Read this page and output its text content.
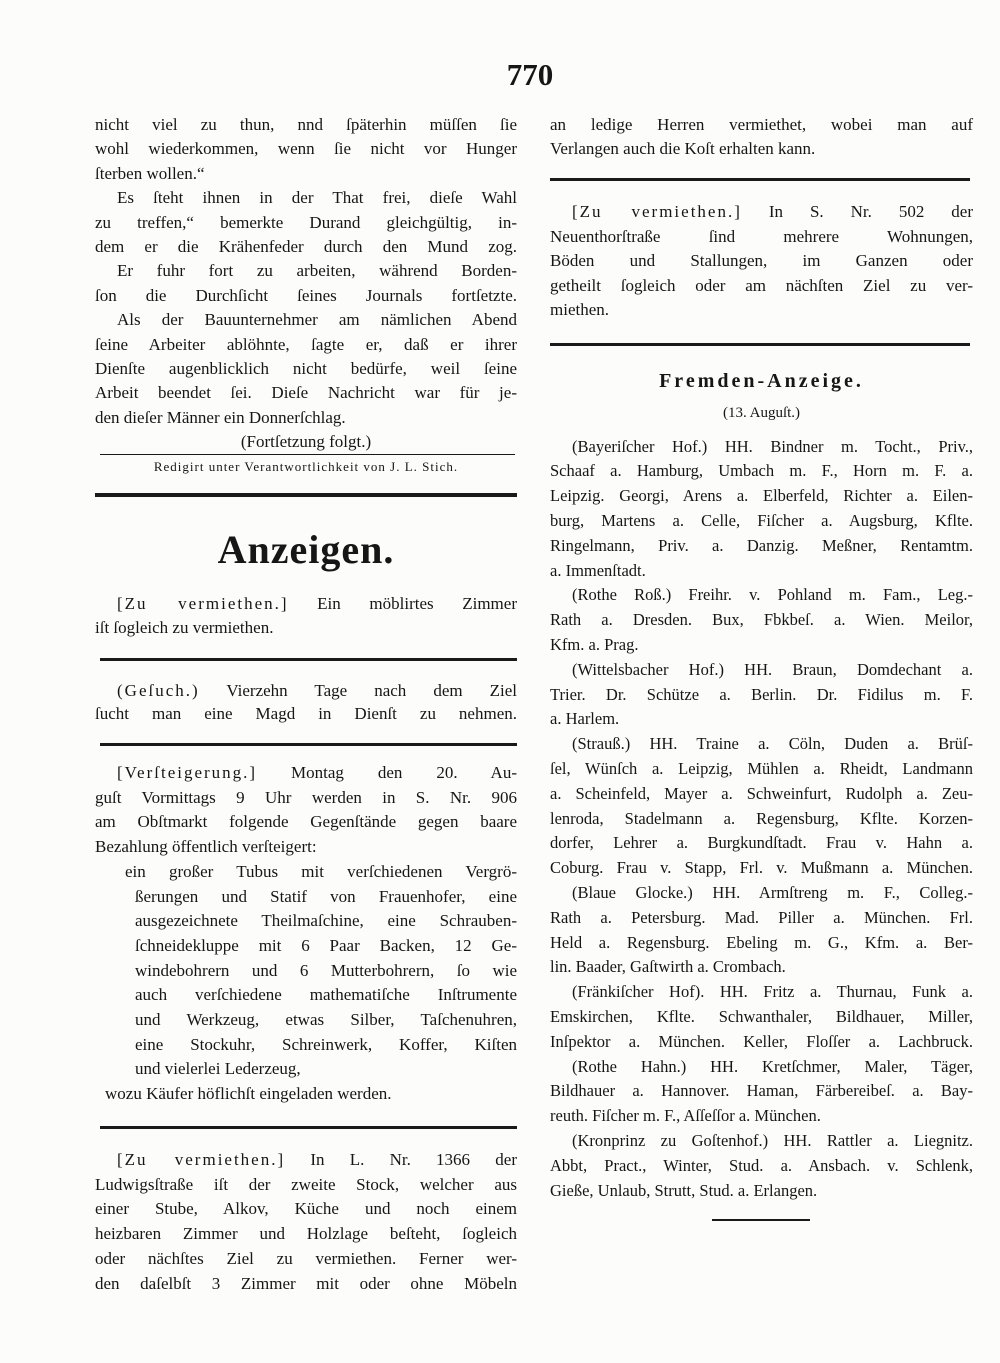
770
nicht viel zu thun, nnd ſpäterhin müſſen ſie
wohl wiederkommen, wenn ſie nicht vor Hunger
ſterben wollen.“
Es ſteht ihnen in der That frei, dieſe Wahl
zu treffen,“ bemerkte Durand gleichgültig, in-
dem er die Krähenfeder durch den Mund zog.
Er fuhr fort zu arbeiten, während Borden-
ſon die Durchſicht ſeines Journals fortſetzte.
Als der Bauunternehmer am nämlichen Abend
ſeine Arbeiter ablöhnte, ſagte er, daß er ihrer
Dienſte augenblicklich nicht bedürfe, weil ſeine
Arbeit beendet ſei. Dieſe Nachricht war für je-
den dieſer Männer ein Donnerſchlag.
(Fortſetzung folgt.)
Redigirt unter Verantwortlichkeit von J. L. Stich.
Anzeigen.
[Zu vermiethen.] Ein möblirtes Zimmer
iſt ſogleich zu vermiethen.
(Geſuch.) Vierzehn Tage nach dem Ziel
ſucht man eine Magd in Dienſt zu nehmen.
[Verſteigerung.] Montag den 20. Au-
guſt Vormittags 9 Uhr werden in S. Nr. 906
am Obſtmarkt folgende Gegenſtände gegen baare
Bezahlung öffentlich verſteigert:
ein großer Tubus mit verſchiedenen Vergrö-
ßerungen und Statif von Frauenhofer, eine
ausgezeichnete Theilmaſchine, eine Schrauben-
ſchneidekluppe mit 6 Paar Backen, 12 Ge-
windebohrern und 6 Mutterbohrern, ſo wie
auch verſchiedene mathematiſche Inſtrumente
und Werkzeug, etwas Silber, Taſchenuhren,
eine Stockuhr, Schreinwerk, Koffer, Kiſten
und vielerlei Lederzeug,
wozu Käufer höflichſt eingeladen werden.
[Zu vermiethen.] In L. Nr. 1366 der
Ludwigsſtraße iſt der zweite Stock, welcher aus
einer Stube, Alkov, Küche und noch einem
heizbaren Zimmer und Holzlage beſteht, ſogleich
oder nächſtes Ziel zu vermiethen. Ferner wer-
den daſelbſt 3 Zimmer mit oder ohne Möbeln
an ledige Herren vermiethet, wobei man auf
Verlangen auch die Koſt erhalten kann.
[Zu vermiethen.] In S. Nr. 502 der
Neuenthorſtraße ſind mehrere Wohnungen,
Böden und Stallungen, im Ganzen oder
getheilt ſogleich oder am nächſten Ziel zu ver-
miethen.
Fremden-Anzeige.
(13. Auguſt.)
(Bayeriſcher Hof.) HH. Bindner m. Tocht., Priv.,
Schaaf a. Hamburg, Umbach m. F., Horn m. F. a.
Leipzig. Georgi, Arens a. Elberfeld, Richter a. Eilen-
burg, Martens a. Celle, Fiſcher a. Augsburg, Kflte.
Ringelmann, Priv. a. Danzig. Meßner, Rentamtm.
a. Immenſtadt.
(Rothe Roß.) Freihr. v. Pohland m. Fam., Leg.-
Rath a. Dresden. Bux, Fbkbeſ. a. Wien. Meilor,
Kfm. a. Prag.
(Wittelsbacher Hof.) HH. Braun, Domdechant a.
Trier. Dr. Schütze a. Berlin. Dr. Fidilus m. F.
a. Harlem.
(Strauß.) HH. Traine a. Cöln, Duden a. Brüſ-
ſel, Wünſch a. Leipzig, Mühlen a. Rheidt, Landmann
a. Scheinfeld, Mayer a. Schweinfurt, Rudolph a. Zeu-
lenroda, Stadelmann a. Regensburg, Kflte. Korzen-
dorfer, Lehrer a. Burgkundſtadt. Frau v. Hahn a.
Coburg. Frau v. Stapp, Frl. v. Mußmann a. München.
(Blaue Glocke.) HH. Armſtreng m. F., Colleg.-
Rath a. Petersburg. Mad. Piller a. München. Frl.
Held a. Regensburg. Ebeling m. G., Kfm. a. Ber-
lin. Baader, Gaſtwirth a. Crombach.
(Fränkiſcher Hof). HH. Fritz a. Thurnau, Funk a.
Emskirchen, Kflte. Schwanthaler, Bildhauer, Miller,
Inſpektor a. München. Keller, Floſſer a. Lachbruck.
(Rothe Hahn.) HH. Kretſchmer, Maler, Täger,
Bildhauer a. Hannover. Haman, Färbereibeſ. a. Bay-
reuth. Fiſcher m. F., Aſſeſſor a. München.
(Kronprinz zu Goſtenhof.) HH. Rattler a. Liegnitz.
Abbt, Pract., Winter, Stud. a. Ansbach. v. Schlenk,
Gieße, Unlaub, Strutt, Stud. a. Erlangen.
